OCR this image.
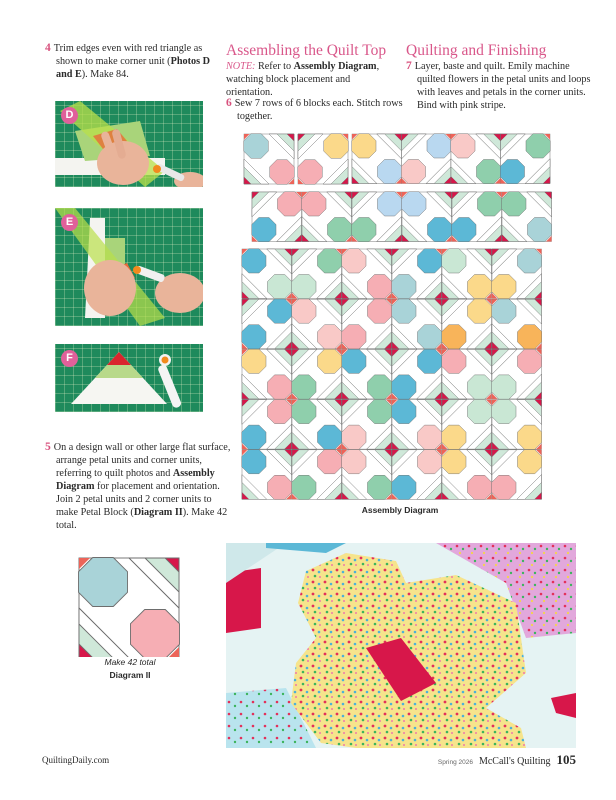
4 Trim edges even with red triangle as shown to make corner unit (Photos D and E). Make 84.
D
E
F
5 On a design wall or other large flat surface, arrange petal units and corner units, referring to quilt photos and Assembly Diagram for placement and orientation. Join 2 petal units and 2 corner units to make Petal Block (Diagram II). Make 42 total.
Make 42 total
Diagram II
Assembling the Quilt Top
NOTE: Refer to Assembly Diagram, watching block placement and orientation.
6 Sew 7 rows of 6 blocks each. Stitch rows together.
Quilting and Finishing
7 Layer, baste and quilt. Emily machine quilted flowers in the petal units and loops with leaves and petals in the corner units. Bind with pink stripe.
Assembly Diagram
QuiltingDaily.com	Spring 2026 McCall's Quilting 105
